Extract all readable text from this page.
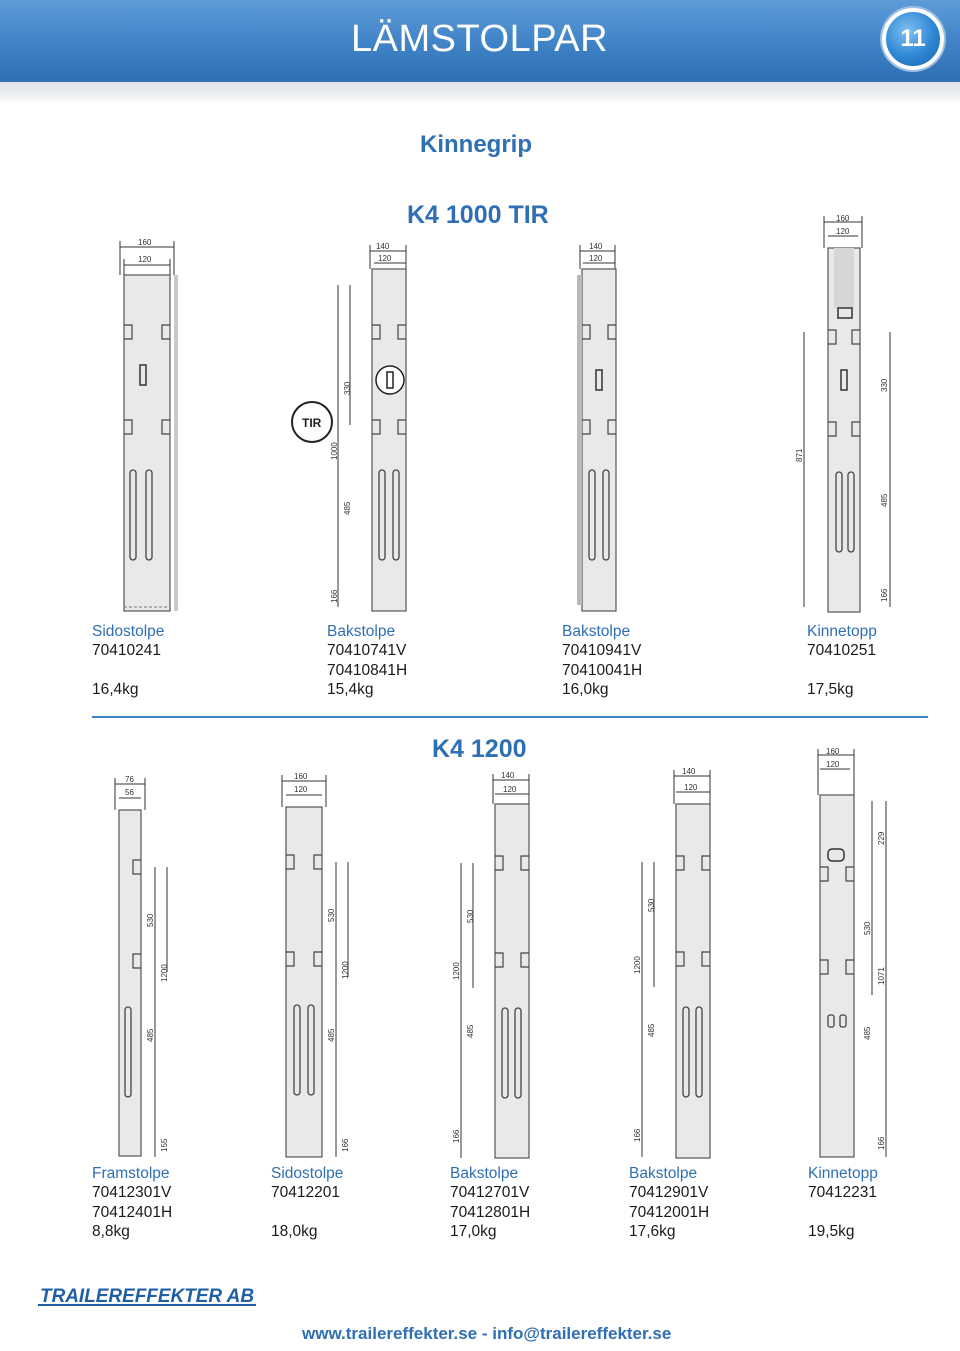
LÄMSTOLPAR	11
Kinnegrip
K4 1000 TIR
K4 1200
160
120
140
120
330
1000
485
166
TIR
140
120
160
120
871
330
485
166
Sidostolpe
70410241
16,4kg
Bakstolpe
70410741V
70410841H
15,4kg
Bakstolpe
70410941V
70410041H
16,0kg
Kinnetopp
70410251
17,5kg
76
56
530
1200
485
155
160
120
530
1200
485
166
140
120
530
1200
485
166
140
120
530
1200
485
166
160
120
229
530
1071
485
166
Framstolpe
70412301V
70412401H
8,8kg
Sidostolpe
70412201
18,0kg
Bakstolpe
70412701V
70412801H
17,0kg
Bakstolpe
70412901V
70412001H
17,6kg
Kinnetopp
70412231
19,5kg
TRAILEREFFEKTER AB
www.trailereffekter.se - info@trailereffekter.se
